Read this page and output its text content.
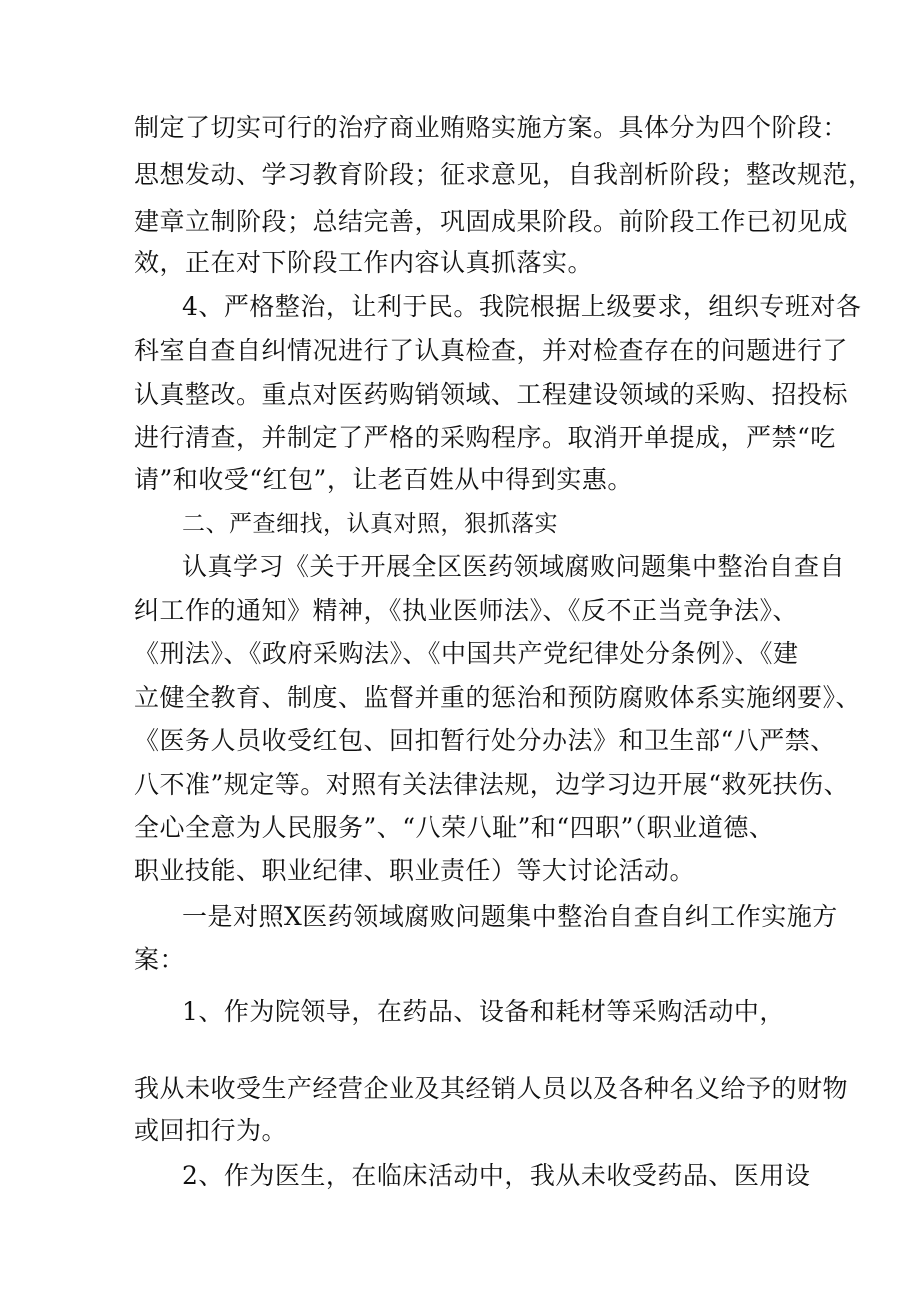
制定了切实可行的治疗商业贿赂实施方案。具体分为四个阶段：
思想发动、学习教育阶段；征求意见，自我剖析阶段；整改规范，
建章立制阶段；总结完善，巩固成果阶段。前阶段工作已初见成
效，正在对下阶段工作内容认真抓落实。
4、严格整治，让利于民。我院根据上级要求，组织专班对各
科室自查自纠情况进行了认真检查，并对检查存在的问题进行了
认真整改。重点对医药购销领域、工程建设领域的采购、招投标
进行清查，并制定了严格的采购程序。取消开单提成，严禁“吃
请”和收受“红包”，让老百姓从中得到实惠。
二、严查细找，认真对照，狠抓落实
认真学习《关于开展全区医药领域腐败问题集中整治自查自
纠工作的通知》精神，《执业医师法》、《反不正当竞争法》、
《刑法》、《政府采购法》、《中国共产党纪律处分条例》、《建
立健全教育、制度、监督并重的惩治和预防腐败体系实施纲要》、
《医务人员收受红包、回扣暂行处分办法》和卫生部“八严禁、
八不准”规定等。对照有关法律法规，边学习边开展“救死扶伤、
全心全意为人民服务”、“八荣八耻”和“四职”（职业道德、
职业技能、职业纪律、职业责任）等大讨论活动。
一是对照X医药领域腐败问题集中整治自查自纠工作实施方
案：
1、作为院领导，在药品、设备和耗材等采购活动中，
我从未收受生产经营企业及其经销人员以及各种名义给予的财物
或回扣行为。
2、作为医生，在临床活动中，我从未收受药品、医用设
